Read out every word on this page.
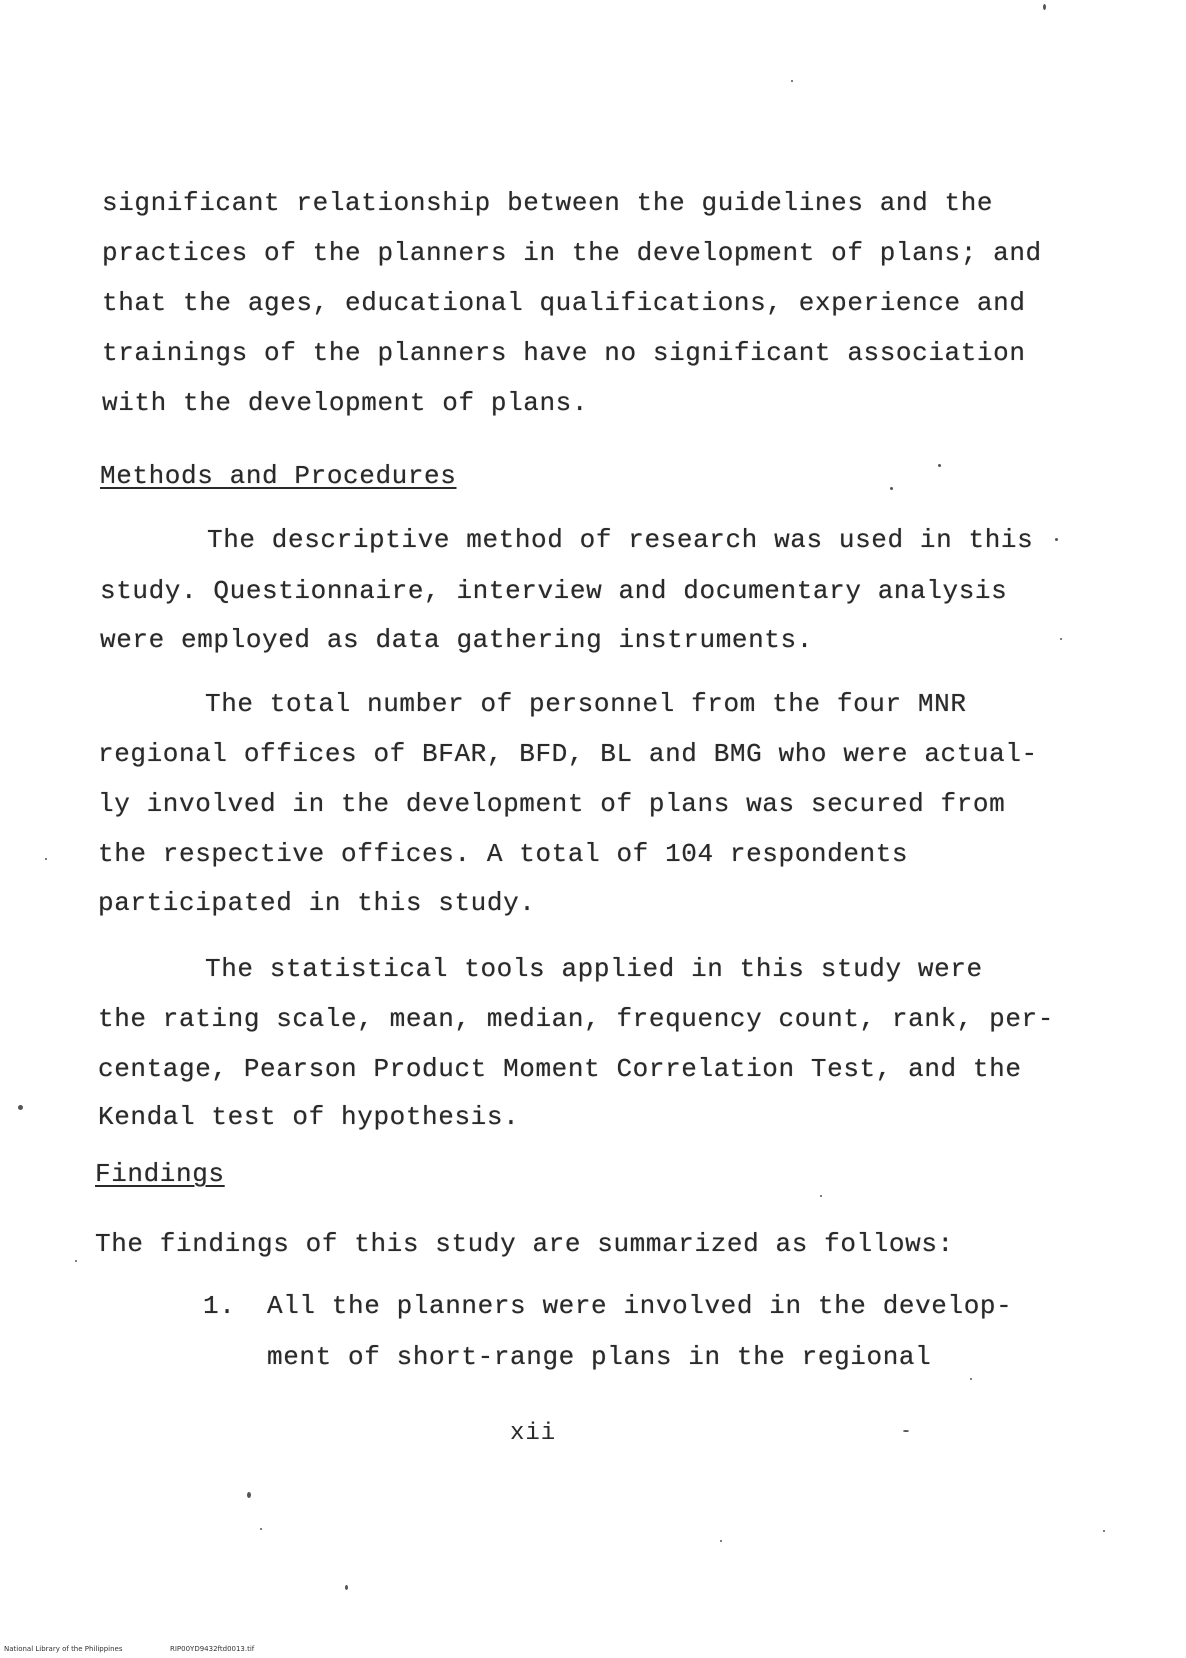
significant relationship between the guidelines and the
practices of the planners in the development of plans; and
that the ages, educational qualifications, experience and
trainings of the planners have no significant association
with the development of plans.
Methods and Procedures
The descriptive method of research was used in this
study. Questionnaire, interview and documentary analysis
were employed as data gathering instruments.
The total number of personnel from the four MNR
regional offices of BFAR, BFD, BL and BMG who were actual-
ly involved in the development of plans was secured from
the respective offices. A total of 104 respondents
participated in this study.
The statistical tools applied in this study were
the rating scale, mean, median, frequency count, rank, per-
centage, Pearson Product Moment Correlation Test, and the
Kendal test of hypothesis.
Findings
The findings of this study are summarized as follows:
1. All the planners were involved in the develop-
ment of short-range plans in the regional
xii
National Library of the Philippines	RIP00YD9432ftd0013.tif
